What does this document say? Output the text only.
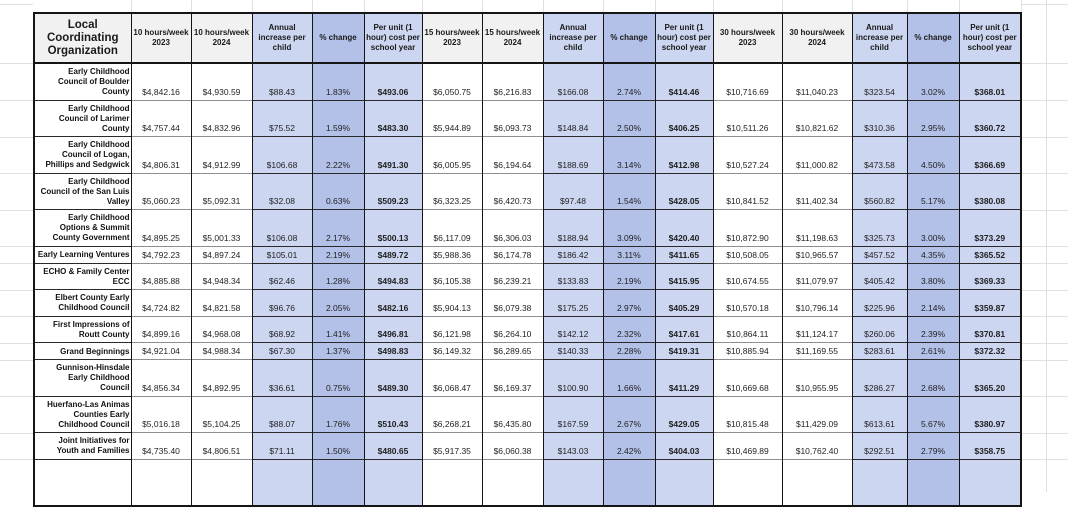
Local Coordinating Organization	10 hours/week 2023	10 hours/week 2024	Annual increase per child	% change	Per unit (1 hour) cost per school year	15 hours/week 2023	15 hours/week 2024	Annual increase per child	% change	Per unit (1 hour) cost per school year	30 hours/week 2023	30 hours/week 2024	Annual increase per child	% change	Per unit (1 hour) cost per school year
Early Childhood Council of Boulder County	$4,842.16	$4,930.59	$88.43	1.83%	$493.06	$6,050.75	$6,216.83	$166.08	2.74%	$414.46	$10,716.69	$11,040.23	$323.54	3.02%	$368.01
Early Childhood Council of Larimer County	$4,757.44	$4,832.96	$75.52	1.59%	$483.30	$5,944.89	$6,093.73	$148.84	2.50%	$406.25	$10,511.26	$10,821.62	$310.36	2.95%	$360.72
Early Childhood Council of Logan, Phillips and Sedgwick	$4,806.31	$4,912.99	$106.68	2.22%	$491.30	$6,005.95	$6,194.64	$188.69	3.14%	$412.98	$10,527.24	$11,000.82	$473.58	4.50%	$366.69
Early Childhood Council of the San Luis Valley	$5,060.23	$5,092.31	$32.08	0.63%	$509.23	$6,323.25	$6,420.73	$97.48	1.54%	$428.05	$10,841.52	$11,402.34	$560.82	5.17%	$380.08
Early Childhood Options & Summit County Government	$4,895.25	$5,001.33	$106.08	2.17%	$500.13	$6,117.09	$6,306.03	$188.94	3.09%	$420.40	$10,872.90	$11,198.63	$325.73	3.00%	$373.29
Early Learning Ventures	$4,792.23	$4,897.24	$105.01	2.19%	$489.72	$5,988.36	$6,174.78	$186.42	3.11%	$411.65	$10,508.05	$10,965.57	$457.52	4.35%	$365.52
ECHO & Family Center ECC	$4,885.88	$4,948.34	$62.46	1.28%	$494.83	$6,105.38	$6,239.21	$133.83	2.19%	$415.95	$10,674.55	$11,079.97	$405.42	3.80%	$369.33
Elbert County Early Childhood Council	$4,724.82	$4,821.58	$96.76	2.05%	$482.16	$5,904.13	$6,079.38	$175.25	2.97%	$405.29	$10,570.18	$10,796.14	$225.96	2.14%	$359.87
First Impressions of Routt County	$4,899.16	$4,968.08	$68.92	1.41%	$496.81	$6,121.98	$6,264.10	$142.12	2.32%	$417.61	$10,864.11	$11,124.17	$260.06	2.39%	$370.81
Grand Beginnings	$4,921.04	$4,988.34	$67.30	1.37%	$498.83	$6,149.32	$6,289.65	$140.33	2.28%	$419.31	$10,885.94	$11,169.55	$283.61	2.61%	$372.32
Gunnison-Hinsdale Early Childhood Council	$4,856.34	$4,892.95	$36.61	0.75%	$489.30	$6,068.47	$6,169.37	$100.90	1.66%	$411.29	$10,669.68	$10,955.95	$286.27	2.68%	$365.20
Huerfano-Las Animas Counties Early Childhood Council	$5,016.18	$5,104.25	$88.07	1.76%	$510.43	$6,268.21	$6,435.80	$167.59	2.67%	$429.05	$10,815.48	$11,429.09	$613.61	5.67%	$380.97
Joint Initiatives for Youth and Families	$4,735.40	$4,806.51	$71.11	1.50%	$480.65	$5,917.35	$6,060.38	$143.03	2.42%	$404.03	$10,469.89	$10,762.40	$292.51	2.79%	$358.75
